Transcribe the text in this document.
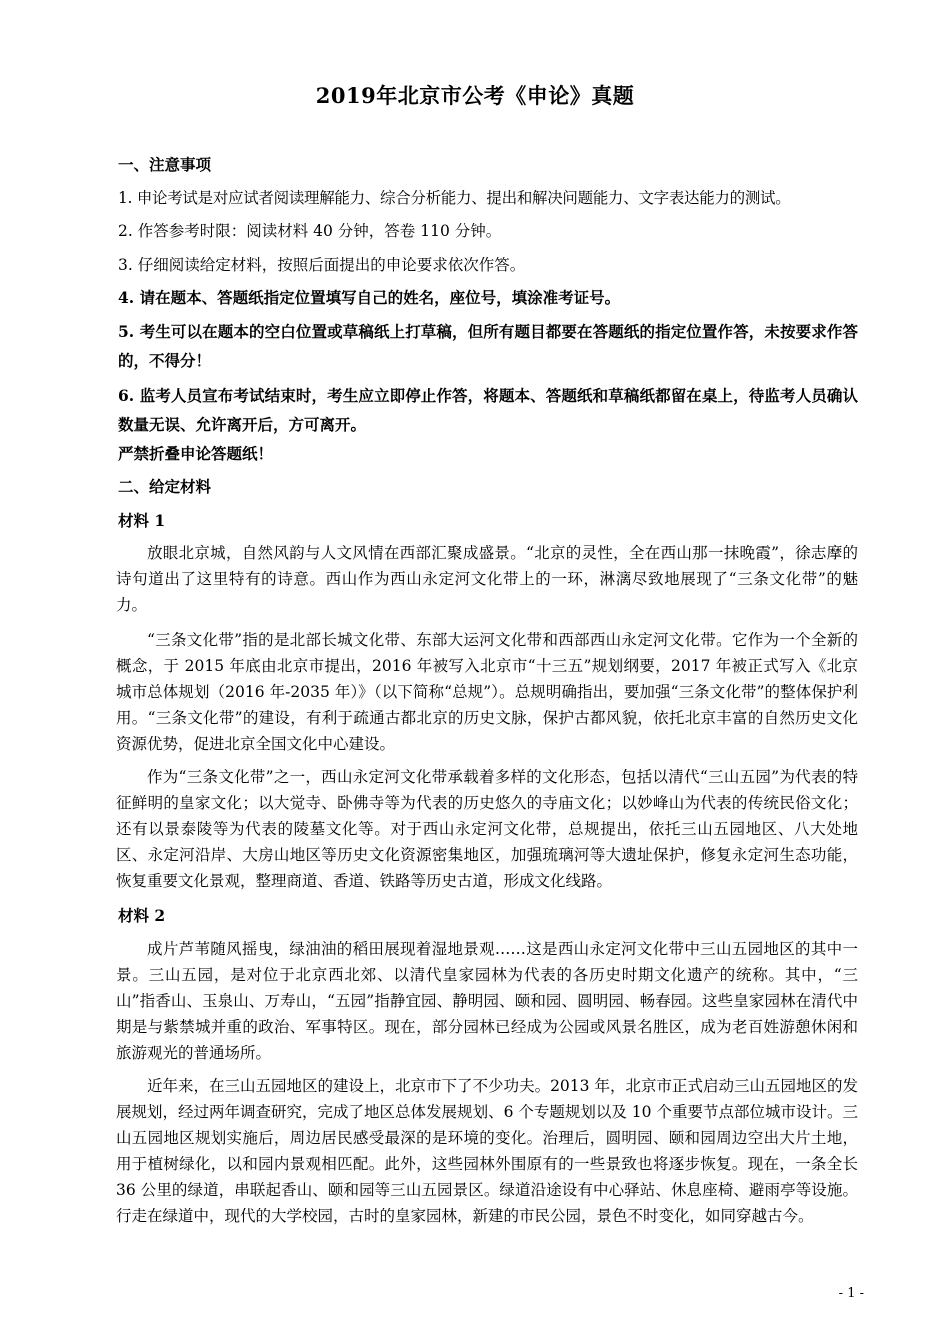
2019年北京市公考《申论》真题

一、注意事项

1. 申论考试是对应试者阅读理解能力、综合分析能力、提出和解决问题能力、文字表达能力的测试。

2. 作答参考时限：阅读材料 40 分钟，答卷 110 分钟。

3. 仔细阅读给定材料，按照后面提出的申论要求依次作答。

4. 请在题本、答题纸指定位置填写自己的姓名，座位号，填涂准考证号。

5. 考生可以在题本的空白位置或草稿纸上打草稿，但所有题目都要在答题纸的指定位置作答，未按要求作答的，不得分！

6. 监考人员宣布考试结束时，考生应立即停止作答，将题本、答题纸和草稿纸都留在桌上，待监考人员确认数量无误、允许离开后，方可离开。

严禁折叠申论答题纸！

二、给定材料

材料 1

放眼北京城，自然风韵与人文风情在西部汇聚成盛景。“北京的灵性，全在西山那一抹晚霞”，徐志摩的诗句道出了这里特有的诗意。西山作为西山永定河文化带上的一环，淋漓尽致地展现了“三条文化带”的魅力。

“三条文化带”指的是北部长城文化带、东部大运河文化带和西部西山永定河文化带。它作为一个全新的概念，于 2015 年底由北京市提出，2016 年被写入北京市“十三五”规划纲要，2017 年被正式写入《北京城市总体规划（2016 年-2035 年）》（以下简称“总规”）。总规明确指出，要加强“三条文化带”的整体保护利用。“三条文化带”的建设，有利于疏通古都北京的历史文脉，保护古都风貌，依托北京丰富的自然历史文化资源优势，促进北京全国文化中心建设。

作为“三条文化带”之一，西山永定河文化带承载着多样的文化形态，包括以清代“三山五园”为代表的特征鲜明的皇家文化；以大觉寺、卧佛寺等为代表的历史悠久的寺庙文化；以妙峰山为代表的传统民俗文化；还有以景泰陵等为代表的陵墓文化等。对于西山永定河文化带，总规提出，依托三山五园地区、八大处地区、永定河沿岸、大房山地区等历史文化资源密集地区，加强琉璃河等大遗址保护，修复永定河生态功能，恢复重要文化景观，整理商道、香道、铁路等历史古道，形成文化线路。

材料 2

成片芦苇随风摇曳，绿油油的稻田展现着湿地景观……这是西山永定河文化带中三山五园地区的其中一景。三山五园，是对位于北京西北郊、以清代皇家园林为代表的各历史时期文化遗产的统称。其中，“三山”指香山、玉泉山、万寿山，“五园”指静宜园、静明园、颐和园、圆明园、畅春园。这些皇家园林在清代中期是与紫禁城并重的政治、军事特区。现在，部分园林已经成为公园或风景名胜区，成为老百姓游憩休闲和旅游观光的普通场所。

近年来，在三山五园地区的建设上，北京市下了不少功夫。2013 年，北京市正式启动三山五园地区的发展规划，经过两年调查研究，完成了地区总体发展规划、6 个专题规划以及 10 个重要节点部位城市设计。三山五园地区规划实施后，周边居民感受最深的是环境的变化。治理后，圆明园、颐和园周边空出大片土地，用于植树绿化，以和园内景观相匹配。此外，这些园林外围原有的一些景致也将逐步恢复。现在，一条全长 36 公里的绿道，串联起香山、颐和园等三山五园景区。绿道沿途设有中心驿站、休息座椅、避雨亭等设施。行走在绿道中，现代的大学校园，古时的皇家园林，新建的市民公园，景色不时变化，如同穿越古今。

- 1 -
